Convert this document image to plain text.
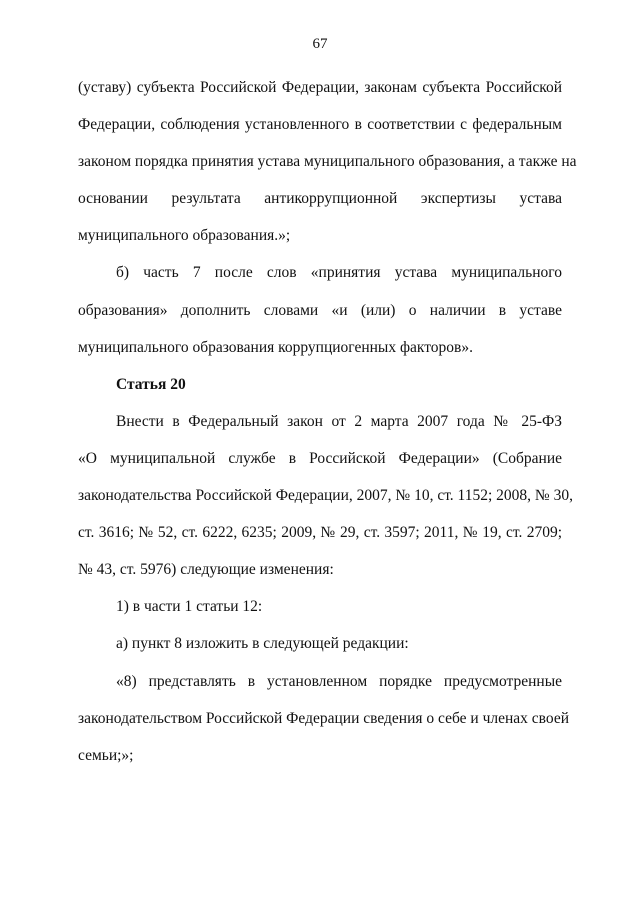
67
(уставу) субъекта Российской Федерации, законам субъекта Российской
Федерации, соблюдения установленного в соответствии с федеральным
законом порядка принятия устава муниципального образования, а также на
основании результата антикоррупционной экспертизы устава
муниципального образования.»;
б) часть 7 после слов «принятия устава муниципального
образования» дополнить словами «и (или) о наличии в уставе
муниципального образования коррупциогенных факторов».
Статья 20
Внести в Федеральный закон от 2 марта 2007 года № 25-ФЗ
«О муниципальной службе в Российской Федерации» (Собрание
законодательства Российской Федерации, 2007, № 10, ст. 1152; 2008, № 30,
ст. 3616; № 52, ст. 6222, 6235; 2009, № 29, ст. 3597; 2011, № 19, ст. 2709;
№ 43, ст. 5976) следующие изменения:
1) в части 1 статьи 12:
а) пункт 8 изложить в следующей редакции:
«8) представлять в установленном порядке предусмотренные
законодательством Российской Федерации сведения о себе и членах своей
семьи;»;
